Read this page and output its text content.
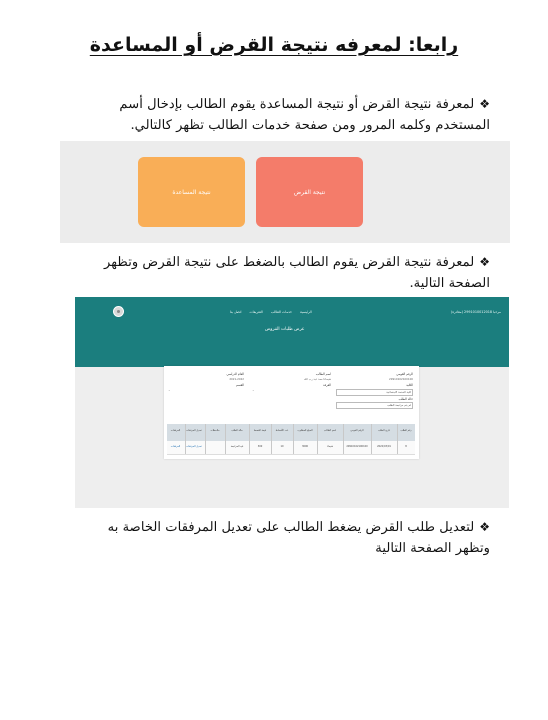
رابعا: لمعرفه نتيجة القرض أو المساعدة
❖لمعرفة نتيجة القرض أو نتيجة المساعدة يقوم الطالب بإدخال أسم المستخدم وكلمه المرور ومن صفحة خدمات الطالب تظهر كالتالي.
نتيجة القرض
نتيجة المساعدة
❖لمعرفة نتيجة القرض يقوم الطالب بالضغط على نتيجة القرض وتظهر الصفحة التالية.
مرحبا 2991010012018 (مغادرة)
الرئيسية
خدمات الطالب
التعريفات
اتصل بنا
عرض طلبات القروض
الرقم القومي
29910102100100
اسم الطالب
شيماء احمد عبد رب الله
العام الدراسي
2021-2022
الكلية
الفرقة
القسم
كلية الخدمة الاجتماعية
⌄
⌄
حالة الطلب
لم يتم مراجعة الطلب
رقم الطلب
تاريخ الطلب
الرقم القومي
اسم الطالب
المبلغ المطلوب
عدد الأقساط
قيمة القسط
حالة الطلب
ملاحظات
تعديل المرفقات
المرفقات
8
2022/03/01
29910102100100
شيماء
3000
10
300
قيد المراجعة
تعديل المرفقات
المرفقات
❖لتعديل طلب القرض يضغط الطالب على تعديل المرفقات الخاصة به وتظهر الصفحة التالية
